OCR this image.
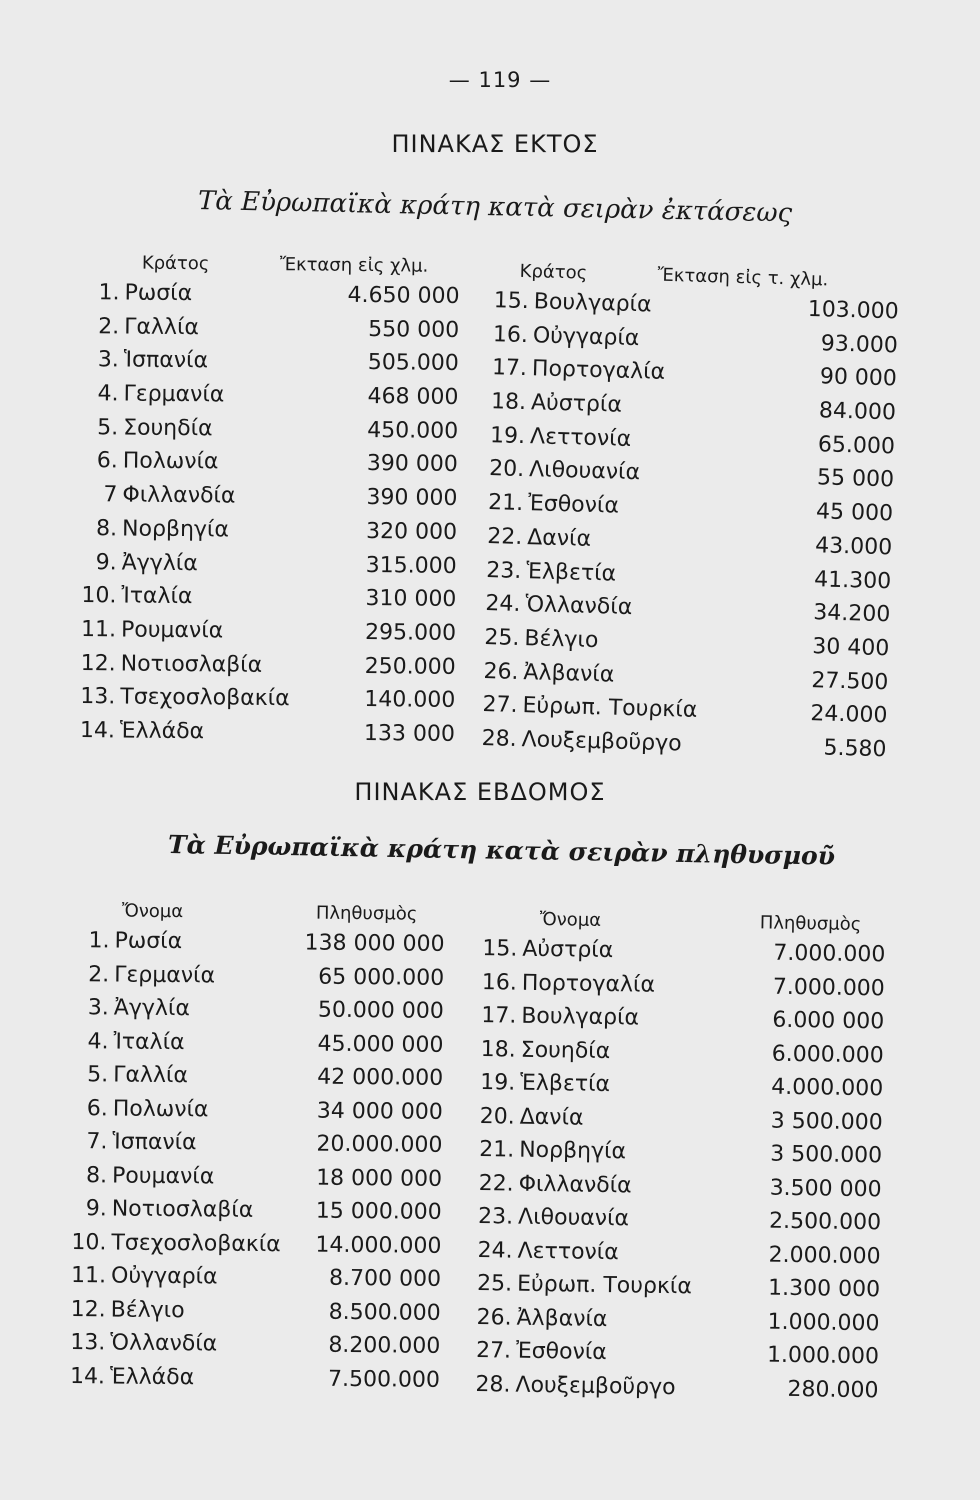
— 119 —
ΠΙΝΑΚΑΣ ΕΚΤΟΣ
Τὰ Εὐρωπαϊκὰ κράτη κατὰ σειρὰν ἐκτάσεως
Κράτος	Ἔκταση εἰς χλμ.
1. Ρωσία	4.650 000
2. Γαλλία	550 000
3. Ἱσπανία	505.000
4. Γερμανία	468 000
5. Σουηδία	450.000
6. Πολωνία	390 000
7 Φιλλανδία	390 000
8. Νορβηγία	320 000
9. Ἀγγλία	315.000
10. Ἰταλία	310 000
11. Ρουμανία	295.000
12. Νοτιοσλαβία	250.000
13. Τσεχοσλοβακία	140.000
14. Ἑλλάδα	133 000
Κράτος	Ἔκταση εἰς τ. χλμ.
15. Βουλγαρία	103.000
16. Οὐγγαρία	93.000
17. Πορτογαλία	90 000
18. Αὐστρία	84.000
19. Λεττονία	65.000
20. Λιθουανία	55 000
21. Ἐσθονία	45 000
22. Δανία	43.000
23. Ἑλβετία	41.300
24. Ὁλλανδία	34.200
25. Βέλγιο	30 400
26. Ἀλβανία	27.500
27. Εὐρωπ. Τουρκία	24.000
28. Λουξεμβοῦργο	5.580
ΠΙΝΑΚΑΣ ΕΒΔΟΜΟΣ
Τὰ Εὐρωπαϊκὰ κράτη κατὰ σειρὰν πληθυσμοῦ
Ὄνομα	Πληθυσμὸς
1. Ρωσία	138 000 000
2. Γερμανία	65 000.000
3. Ἀγγλία	50.000 000
4. Ἰταλία	45.000 000
5. Γαλλία	42 000.000
6. Πολωνία	34 000 000
7. Ἱσπανία	20.000.000
8. Ρουμανία	18 000 000
9. Νοτιοσλαβία	15 000.000
10. Τσεχοσλοβακία	14.000.000
11. Οὐγγαρία	8.700 000
12. Βέλγιο	8.500.000
13. Ὁλλανδία	8.200.000
14. Ἑλλάδα	7.500.000
Ὄνομα	Πληθυσμὸς
15. Αὐστρία	7.000.000
16. Πορτογαλία	7.000.000
17. Βουλγαρία	6.000 000
18. Σουηδία	6.000.000
19. Ἑλβετία	4.000.000
20. Δανία	3 500.000
21. Νορβηγία	3 500.000
22. Φιλλανδία	3.500 000
23. Λιθουανία	2.500.000
24. Λεττονία	2.000.000
25. Εὐρωπ. Τουρκία	1.300 000
26. Ἀλβανία	1.000.000
27. Ἐσθονία	1.000.000
28. Λουξεμβοῦργο	280.000
